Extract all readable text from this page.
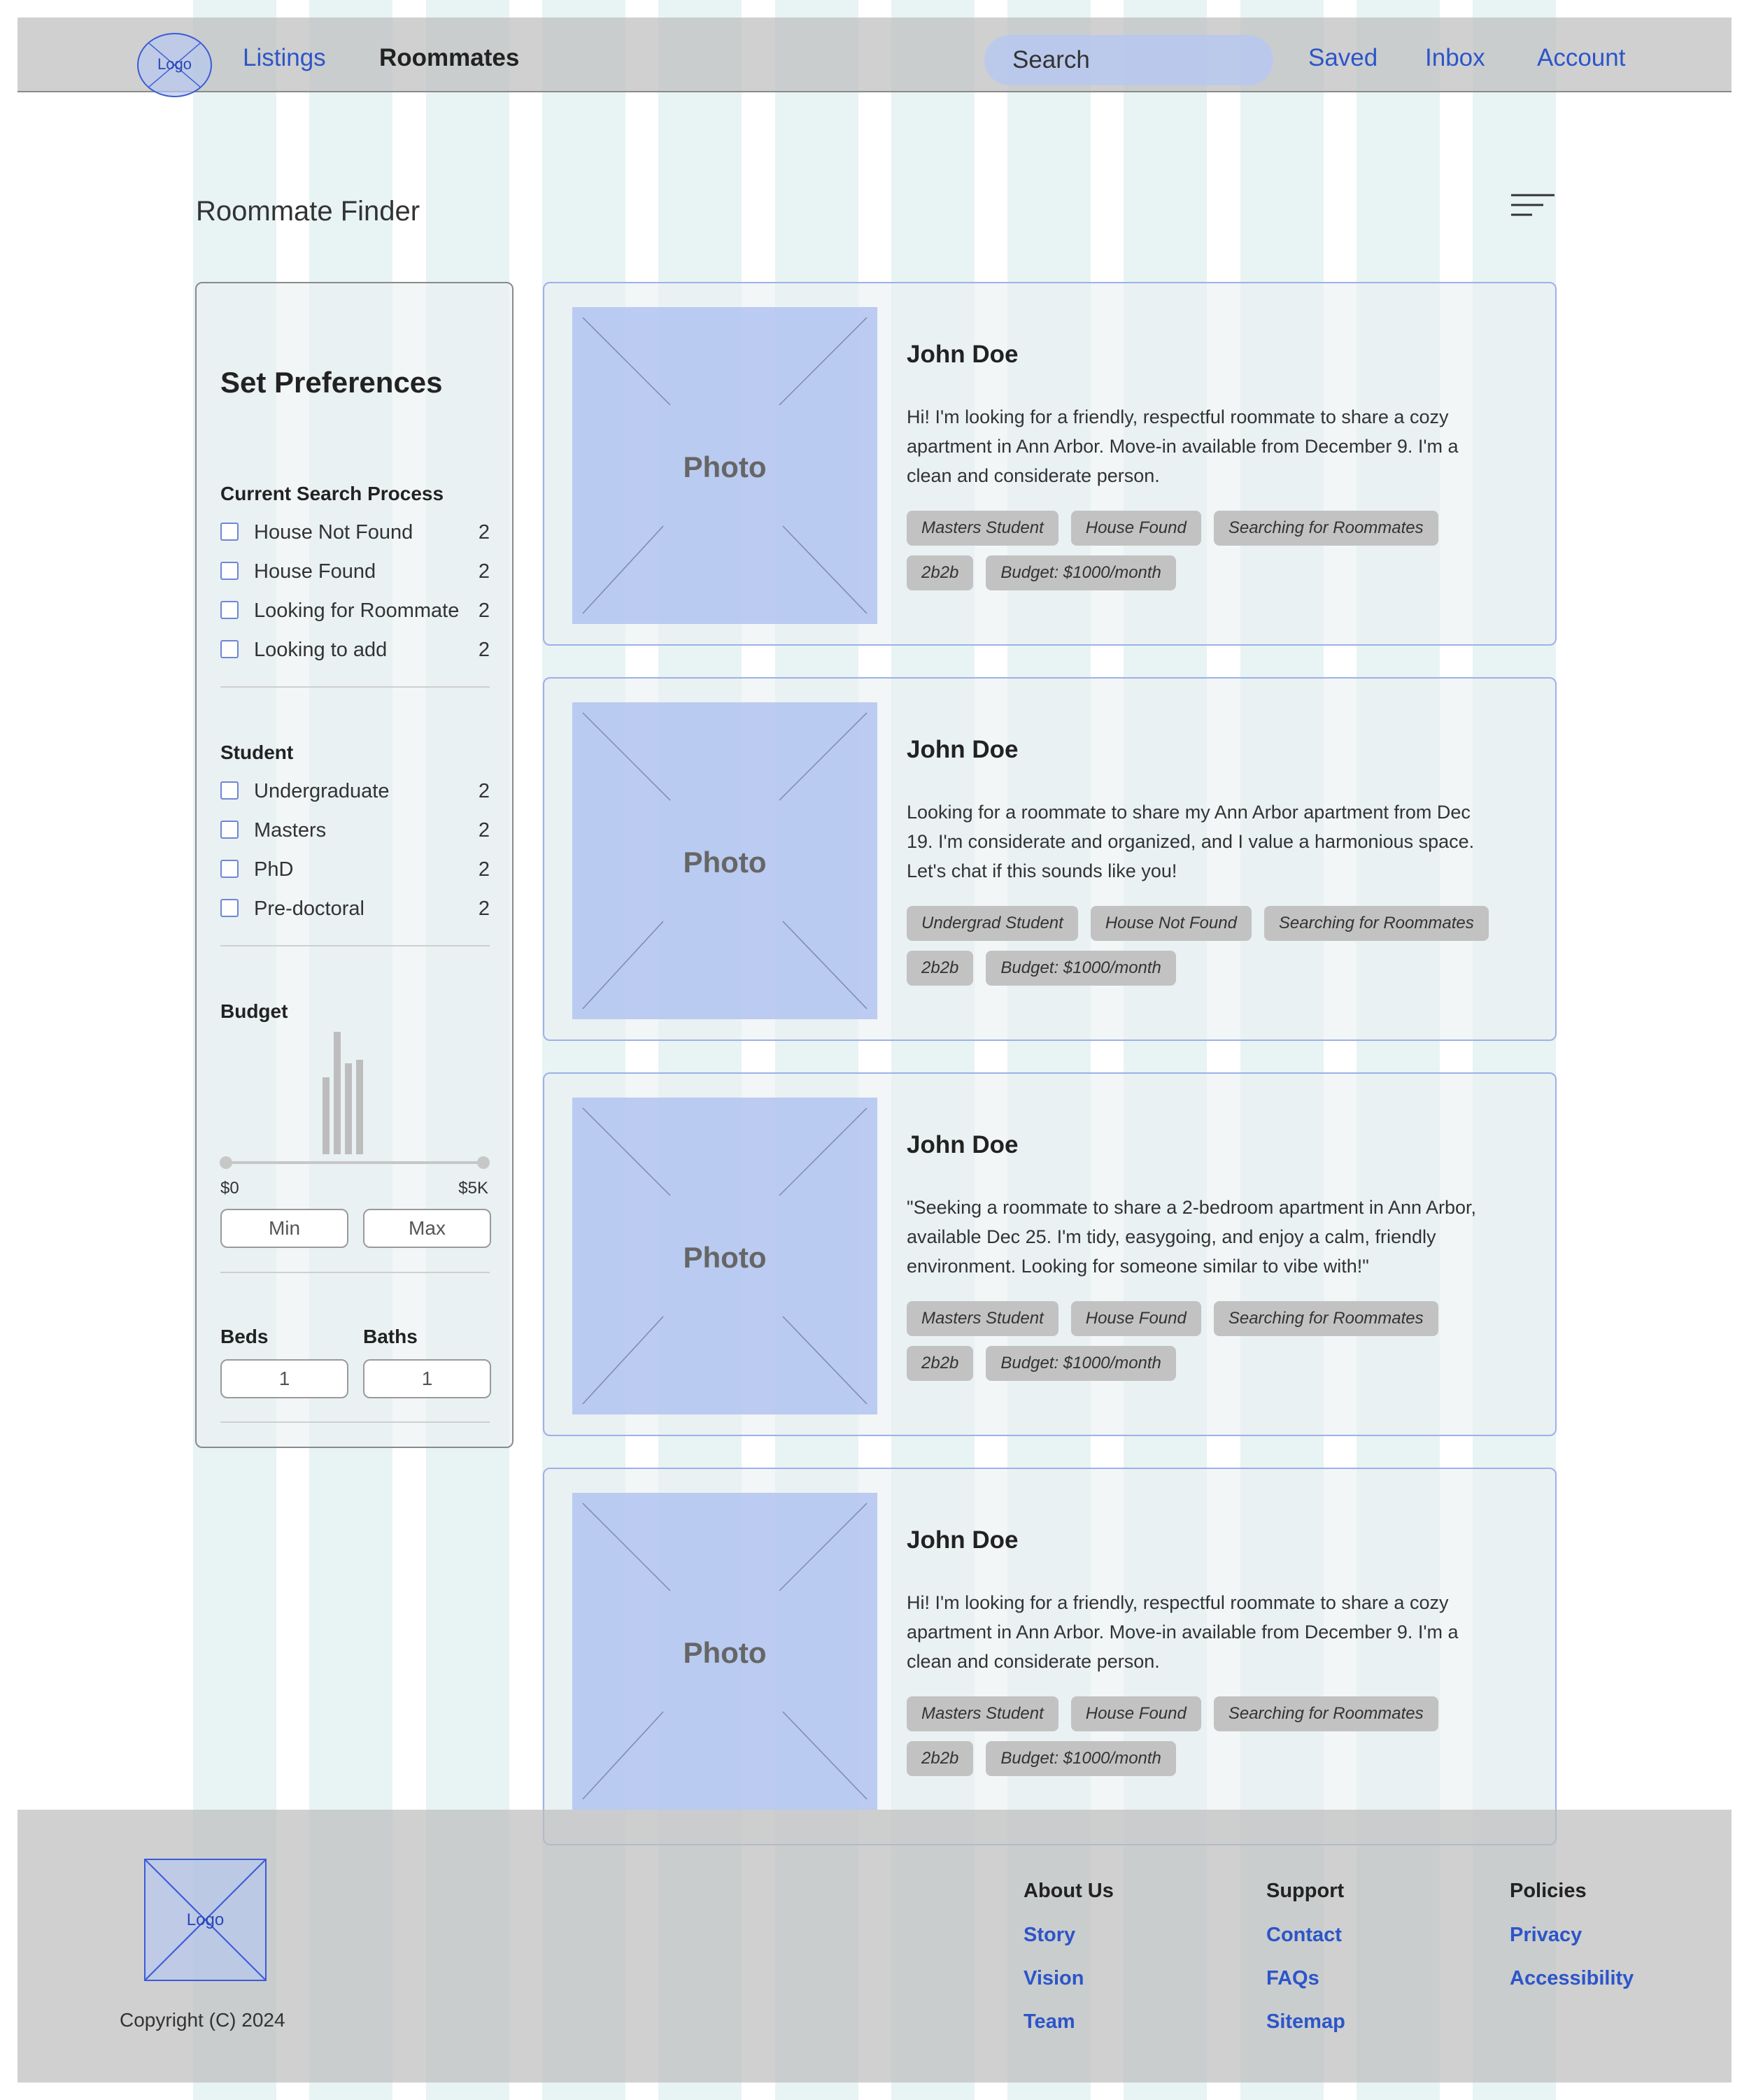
Logo	Listings Roommates	Search	Saved Inbox Account
Roommate Finder
Set Preferences
Current Search Process
House Not Found	2
House Found	2
Looking for Roommate 2
Looking to add	2
Student
Undergraduate	2
Masters	2
PhD	2
Pre-doctoral	2
Budget
$0	$5K
Min	Max
Beds	Baths
1	1
Photo
John Doe
Hi! I'm looking for a friendly, respectful roommate to share a cozy apartment in Ann Arbor. Move-in available from December 9. I'm a clean and considerate person.
Masters Student	House Found	Searching for Roommates
2b2b	Budget: $1000/month
Photo
John Doe
Looking for a roommate to share my Ann Arbor apartment from Dec 19. I'm considerate and organized, and I value a harmonious space. Let's chat if this sounds like you!
Undergrad Student	House Not Found	Searching for Roommates
2b2b	Budget: $1000/month
Photo
John Doe
"Seeking a roommate to share a 2-bedroom apartment in Ann Arbor, available Dec 25. I'm tidy, easygoing, and enjoy a calm, friendly environment. Looking for someone similar to vibe with!"
Masters Student	House Found	Searching for Roommates
2b2b	Budget: $1000/month
Photo
John Doe
Hi! I'm looking for a friendly, respectful roommate to share a cozy apartment in Ann Arbor. Move-in available from December 9. I'm a clean and considerate person.
Masters Student	House Found	Searching for Roommates
2b2b	Budget: $1000/month
Logo
Copyright (C) 2024
About Us
Story
Vision
Team
Support
Contact
FAQs
Sitemap
Policies
Privacy
Accessibility
